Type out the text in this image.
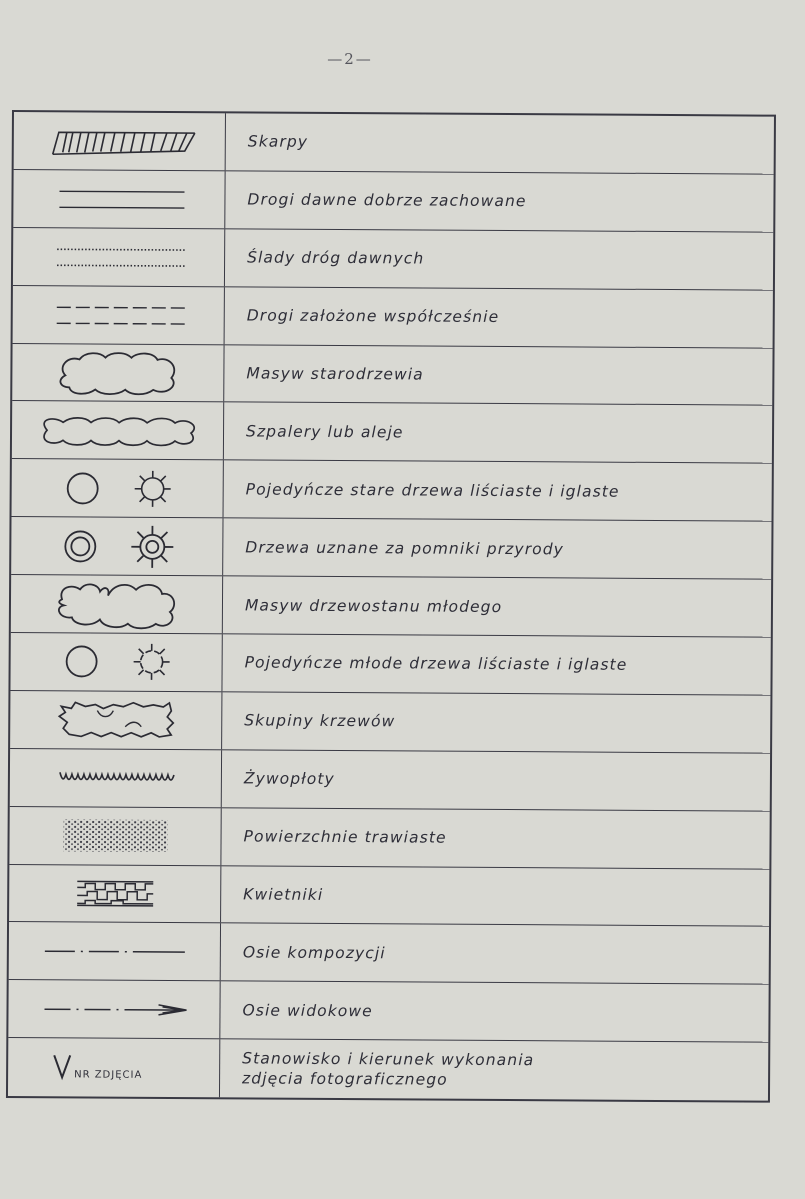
—2—
Skarpy
Drogi dawne dobrze zachowane
Ślady dróg dawnych
Drogi założone współcześnie
Masyw starodrzewia
Szpalery lub aleje
Pojedyńcze stare drzewa liściaste i iglaste
Drzewa uznane za pomniki przyrody
Masyw drzewostanu młodego
Pojedyńcze młode drzewa liściaste i iglaste
Skupiny krzewów
Żywopłoty
Powierzchnie trawiaste
Kwietniki
Osie kompozycji
Osie widokowe
NR ZDJĘCIA
Stanowisko i kierunek wykonania
zdjęcia fotograficznego
